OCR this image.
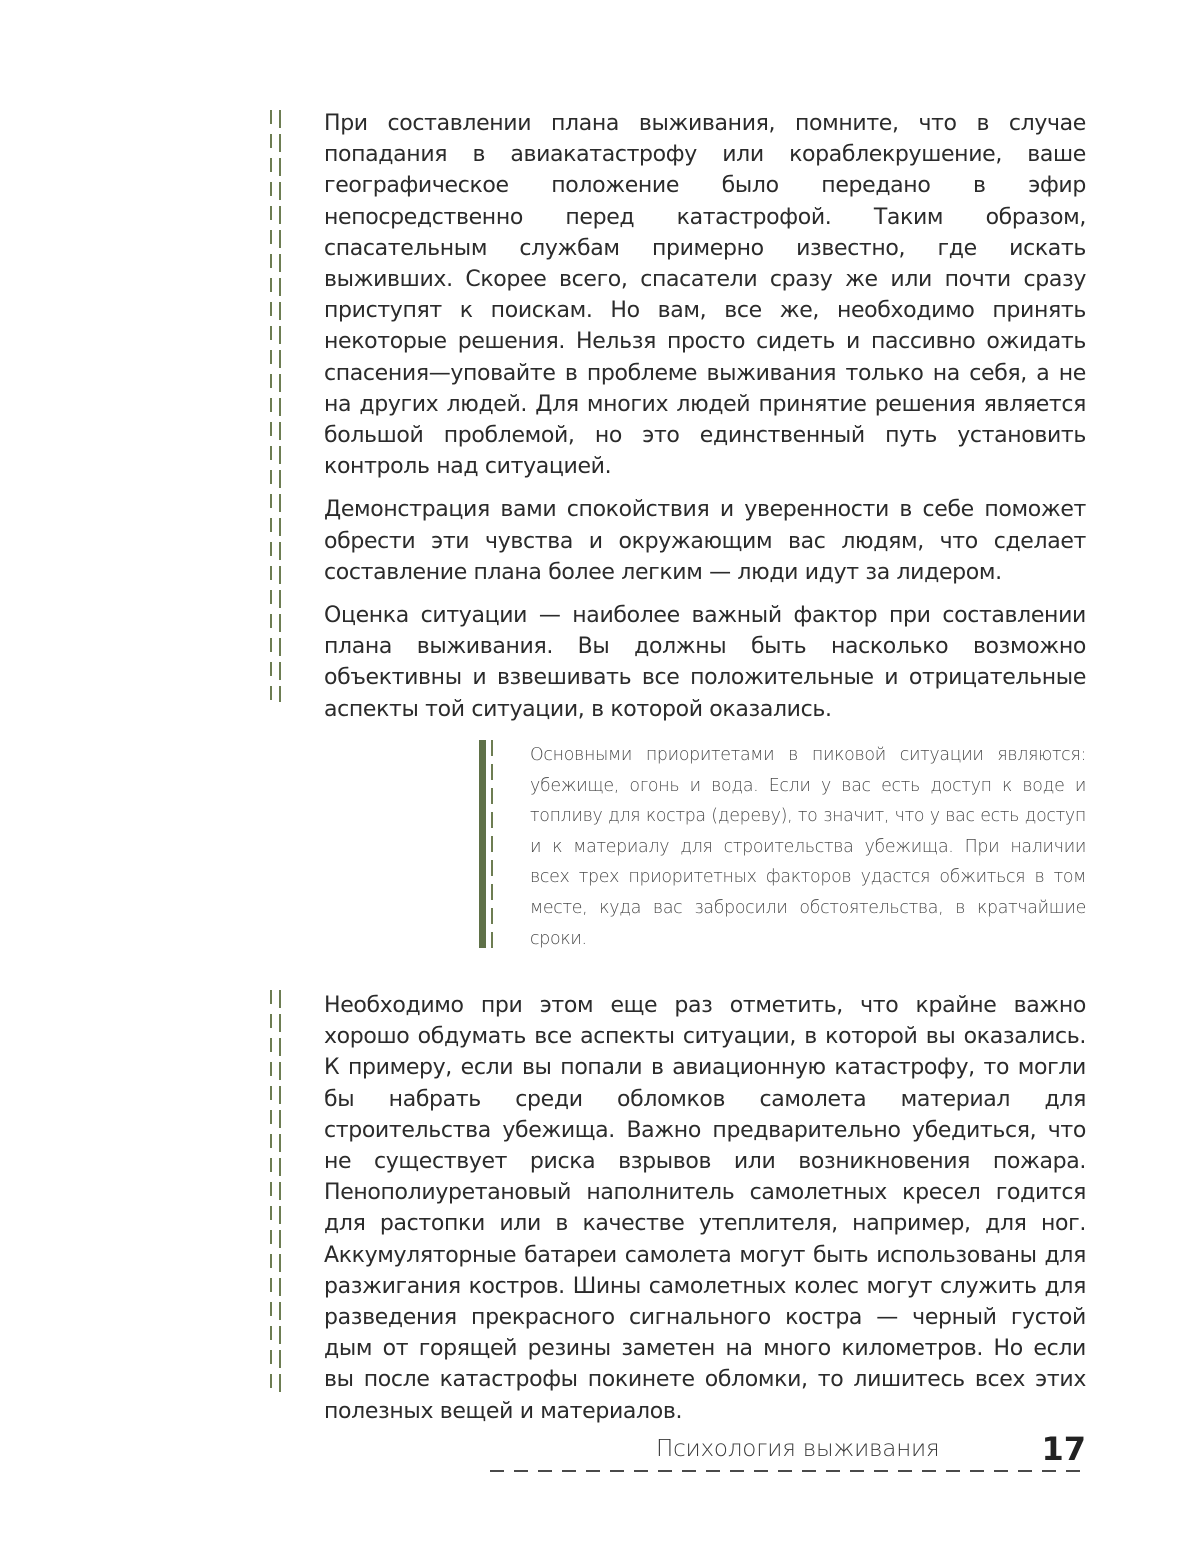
При составлении плана выживания, помните, что в случае попадания в авиакатастрофу или кораблекрушение, ваше географическое положение было передано в эфир непосредственно перед катастрофой. Таким образом, спасательным службам примерно известно, где искать выживших. Скорее всего, спасатели сразу же или почти сразу приступят к поискам. Но вам, все же, необходимо принять некоторые решения. Нельзя просто сидеть и пассивно ожидать спасения—уповайте в проблеме выживания только на себя, а не на других людей. Для многих людей принятие решения является большой проблемой, но это единственный путь установить контроль над ситуацией.

Демонстрация вами спокойствия и уверенности в себе поможет обрести эти чувства и окружающим вас людям, что сделает составление плана более легким — люди идут за лидером.

Оценка ситуации — наиболее важный фактор при составлении плана выживания. Вы должны быть насколько возможно объективны и взвешивать все положительные и отрицательные аспекты той ситуации, в которой оказались.

Основными приоритетами в пиковой ситуации являются: убежище, огонь и вода. Если у вас есть доступ к воде и топливу для костра (дереву), то значит, что у вас есть доступ и к материалу для строительства убежища. При наличии всех трех приоритетных факторов удастся обжиться в том месте, куда вас забросили обстоятельства, в кратчайшие сроки.

Необходимо при этом еще раз отметить, что крайне важно хорошо обдумать все аспекты ситуации, в которой вы оказались. К примеру, если вы попали в авиационную катастрофу, то могли бы набрать среди обломков самолета материал для строительства убежища. Важно предварительно убедиться, что не существует риска взрывов или возникновения пожара. Пенополиуретановый наполнитель самолетных кресел годится для растопки или в качестве утеплителя, например, для ног. Аккумуляторные батареи самолета могут быть использованы для разжигания костров. Шины самолетных колес могут служить для разведения прекрасного сигнального костра — черный густой дым от горящей резины заметен на много километров. Но если вы после катастрофы покинете обломки, то лишитесь всех этих полезных вещей и материалов.

Психология выживания	17
